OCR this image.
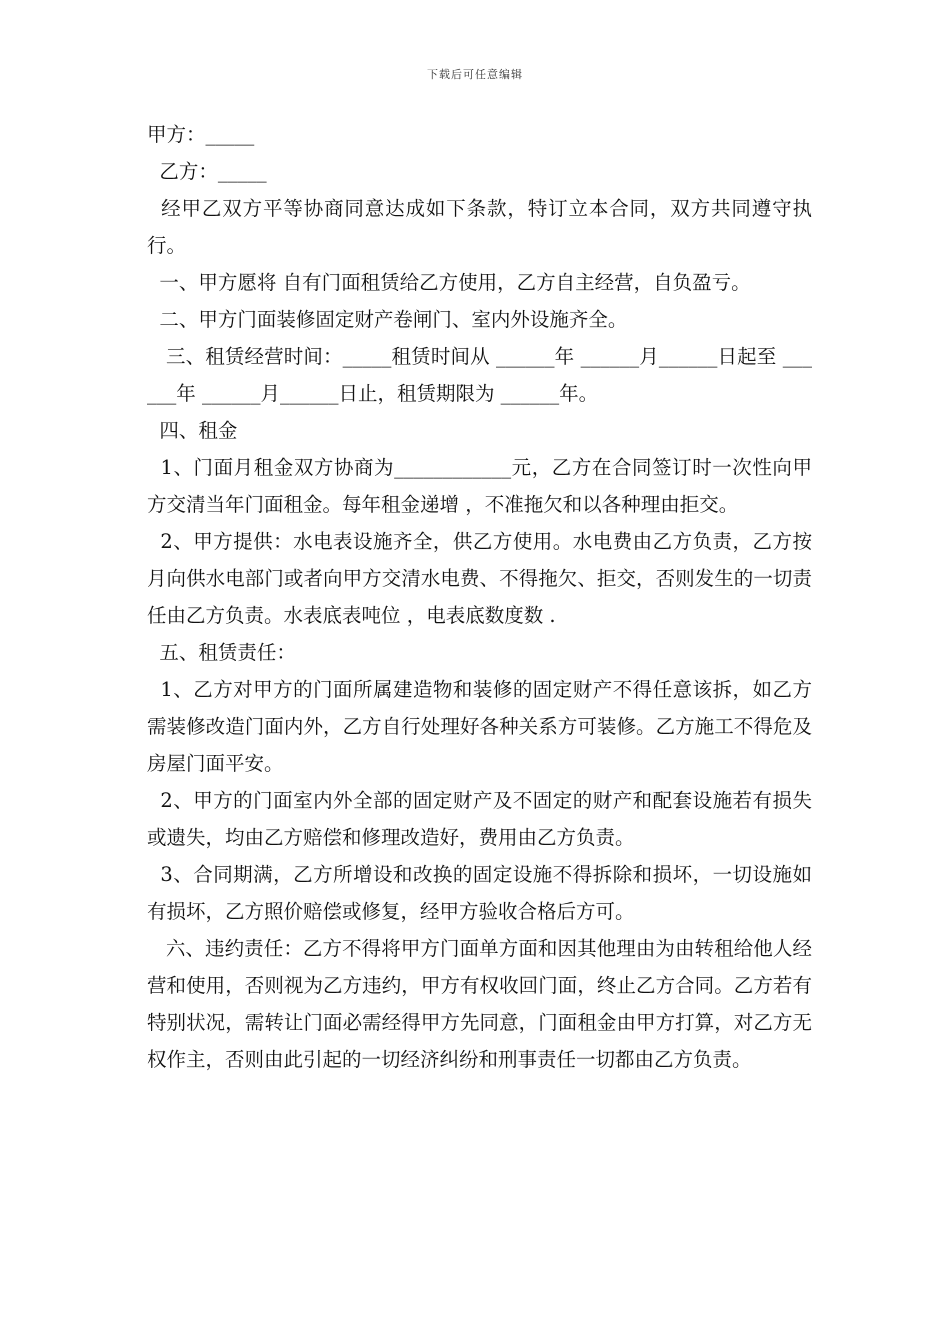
下载后可任意编辑

甲方：_____

乙方：_____

经甲乙双方平等协商同意达成如下条款，特订立本合同，双方共同遵守执行。

一、甲方愿将 自有门面租赁给乙方使用，乙方自主经营，自负盈亏。

二、甲方门面装修固定财产卷闸门、室内外设施齐全。

三、租赁经营时间：_____租赁时间从 ______年 ______月______日起至 ______年 ______月______日止，租赁期限为 ______年。

四、租金

1、门面月租金双方协商为____________元，乙方在合同签订时一次性向甲方交清当年门面租金。每年租金递增 ，不准拖欠和以各种理由拒交。

2、甲方提供：水电表设施齐全，供乙方使用。水电费由乙方负责，乙方按月向供水电部门或者向甲方交清水电费、不得拖欠、拒交，否则发生的一切责任由乙方负责。水表底表吨位 ，电表底数度数 .

五、租赁责任：

1、乙方对甲方的门面所属建造物和装修的固定财产不得任意该拆，如乙方需装修改造门面内外，乙方自行处理好各种关系方可装修。乙方施工不得危及房屋门面平安。

2、甲方的门面室内外全部的固定财产及不固定的财产和配套设施若有损失或遗失，均由乙方赔偿和修理改造好，费用由乙方负责。

3、合同期满，乙方所增设和改换的固定设施不得拆除和损坏，一切设施如有损坏，乙方照价赔偿或修复，经甲方验收合格后方可。

六、违约责任：乙方不得将甲方门面单方面和因其他理由为由转租给他人经营和使用，否则视为乙方违约，甲方有权收回门面，终止乙方合同。乙方若有特别状况，需转让门面必需经得甲方先同意，门面租金由甲方打算，对乙方无权作主，否则由此引起的一切经济纠纷和刑事责任一切都由乙方负责。
